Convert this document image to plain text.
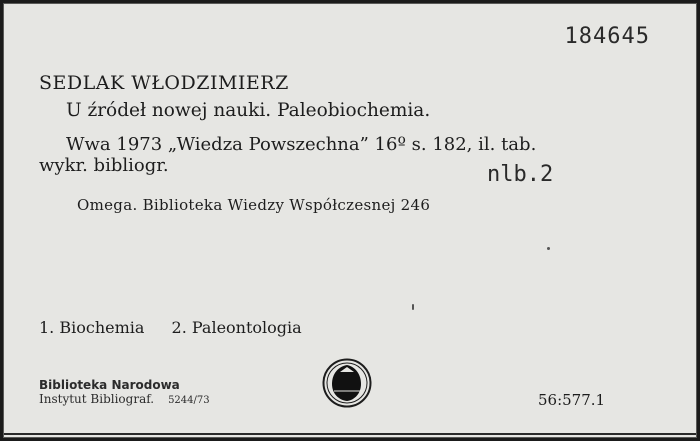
184645
SEDLAK WŁODZIMIERZ
U źródeł nowej nauki. Paleobiochemia.
Wwa 1973 „Wiedza Powszechna” 16º s. 182, il. tab.
wykr. bibliogr.	nlb.2
Omega. Biblioteka Wiedzy Współczesnej 246
1. Biochemia 2. Paleontologia
Biblioteka Narodowa
Instytut Bibliograf. 5244/73	56:577.1
